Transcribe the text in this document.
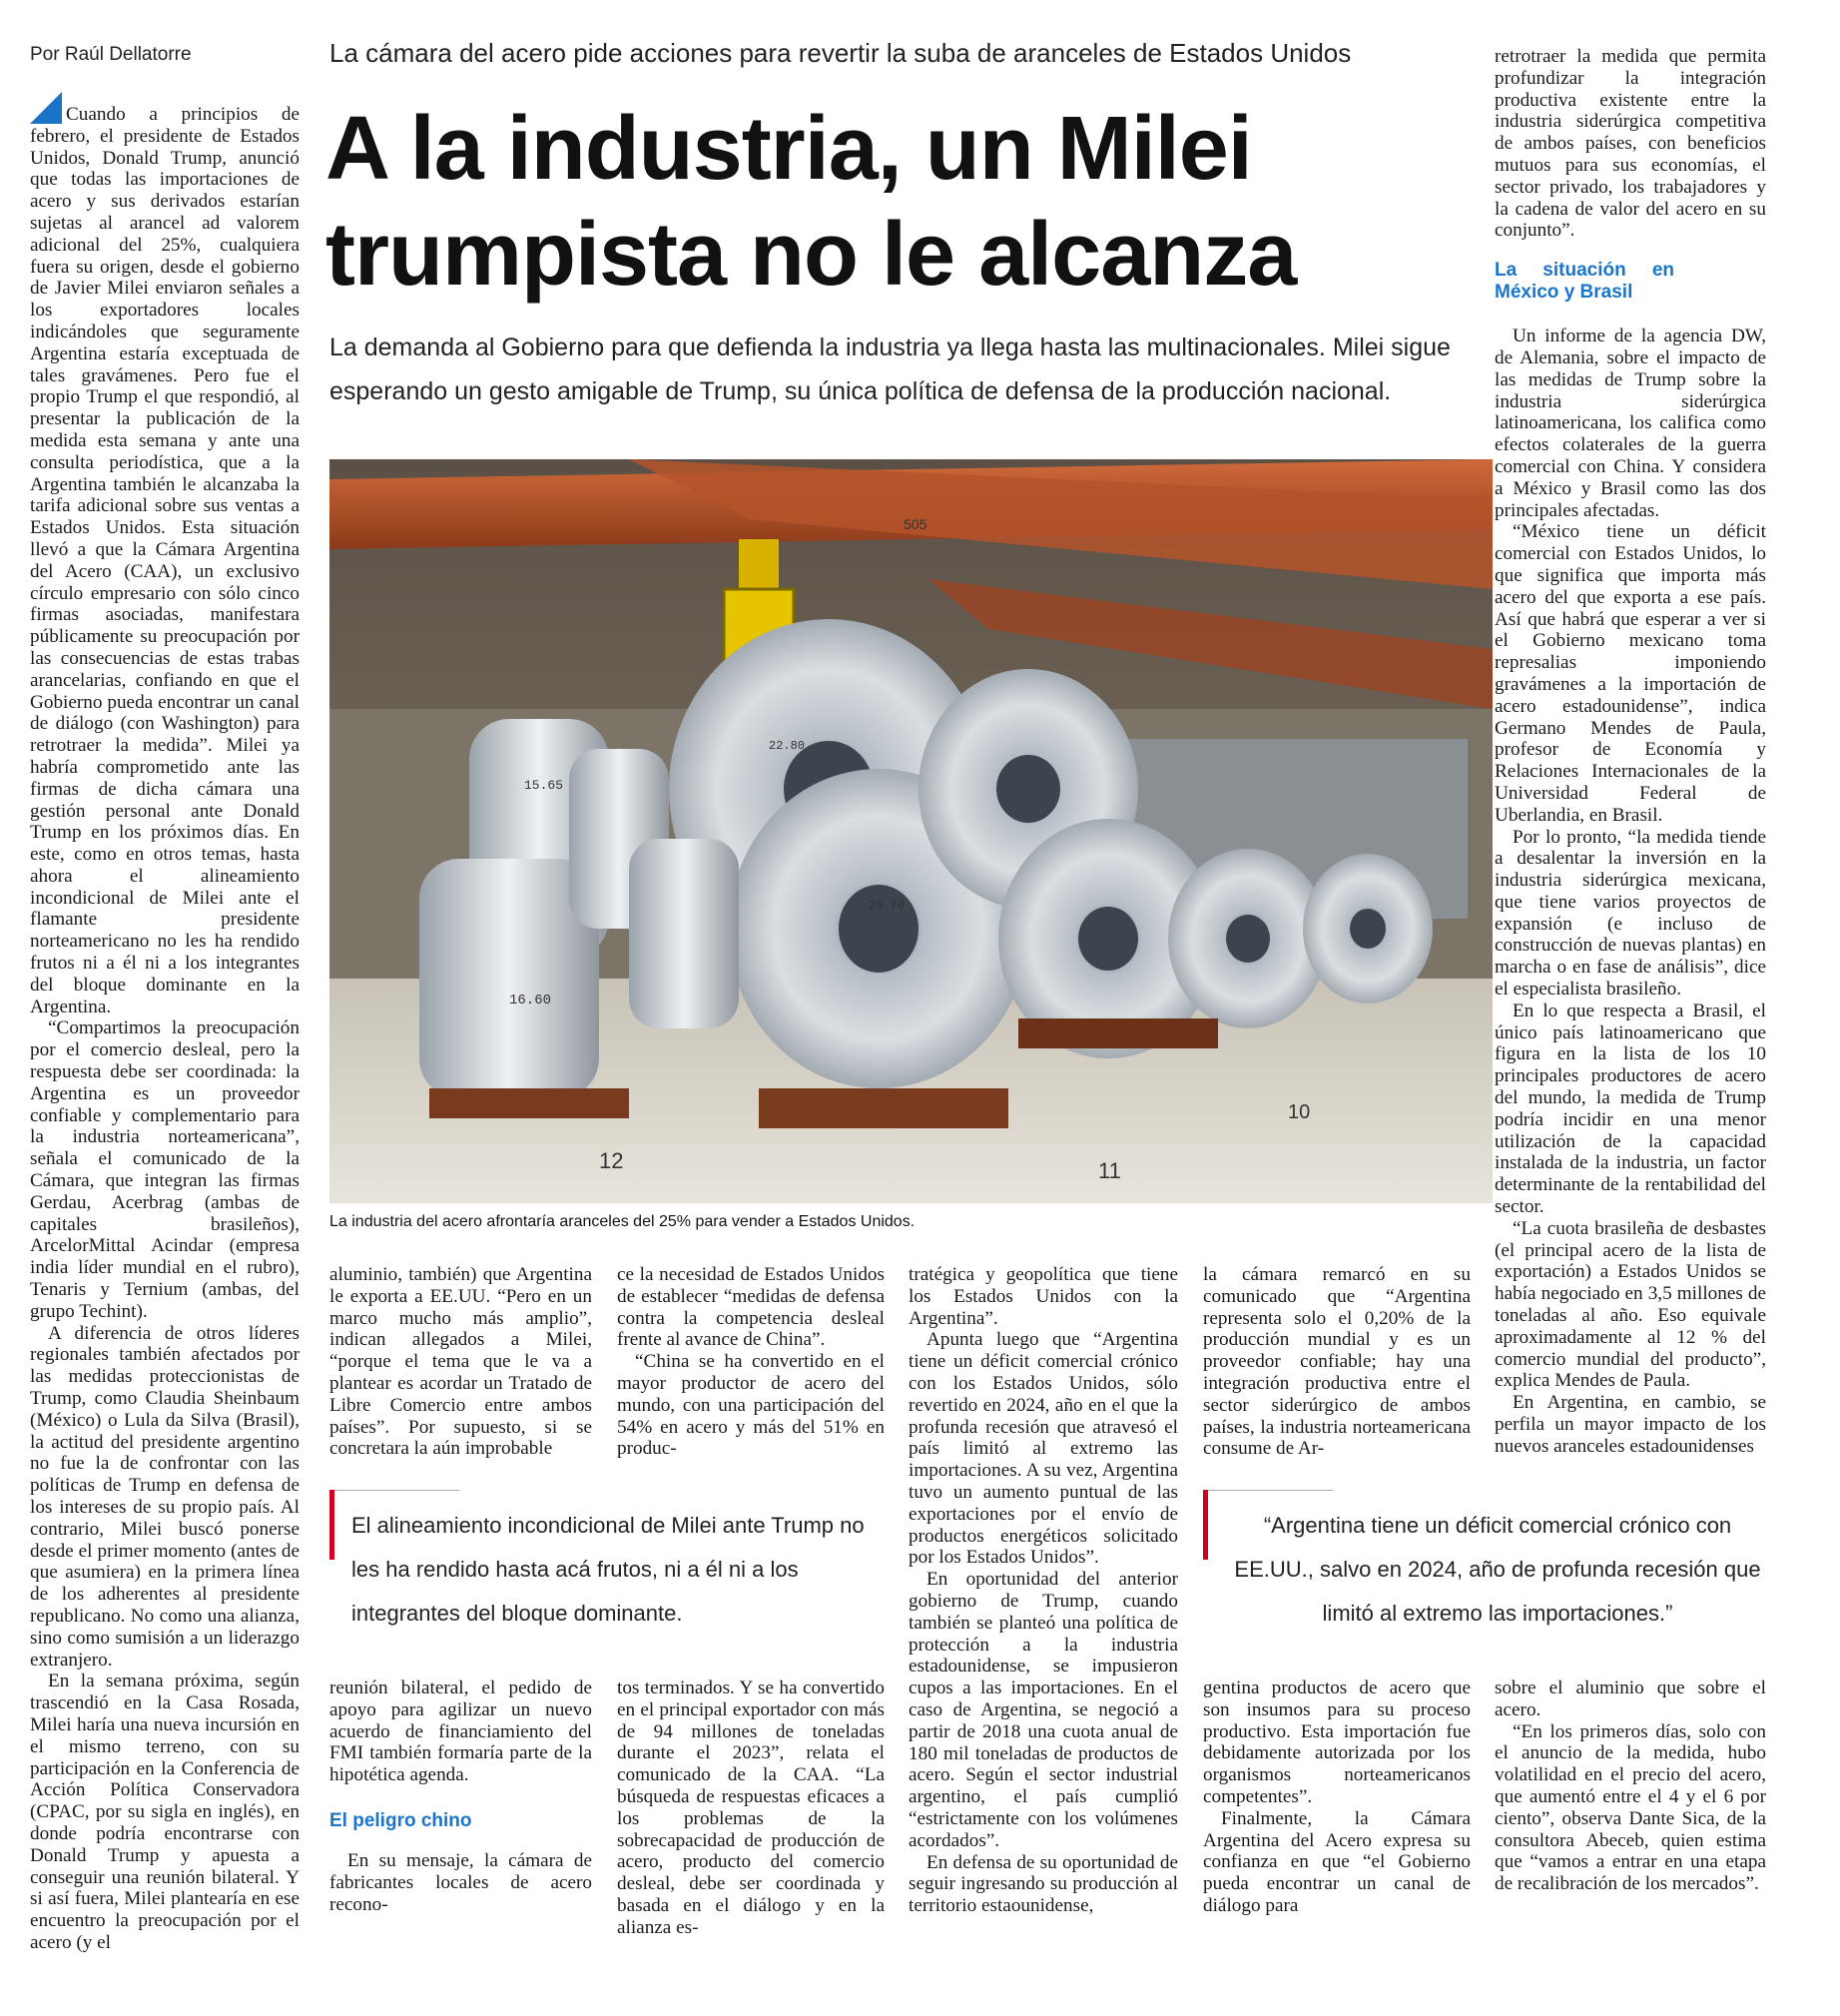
Por Raúl Dellatorre	La cámara del acero pide acciones para revertir la suba de aranceles de Estados Unidos
A la industria, un Milei
trumpista no le alcanza
La demanda al Gobierno para que defienda la industria ya llega hasta las multinacionales. Milei sigue esperando un gesto amigable de Trump, su única política de defensa de la producción nacional.

Cuando a principios de febrero, el presidente de Estados Unidos, Donald Trump, anunció que todas las importaciones de acero y sus derivados estarían sujetas al arancel ad valorem adicional del 25%, cualquiera fuera su origen, desde el gobierno de Javier Milei enviaron señales a los exportadores locales indicándoles que seguramente Argentina estaría exceptuada de tales gravámenes. Pero fue el propio Trump el que respondió, al presentar la publicación de la medida esta semana y ante una consulta periodística, que a la Argentina también le alcanzaba la tarifa adicional sobre sus ventas a Estados Unidos. Esta situación llevó a que la Cámara Argentina del Acero (CAA), un exclusivo círculo empresario con sólo cinco firmas asociadas, manifestara públicamente su preocupación por las consecuencias de estas trabas arancelarias, confiando en que el Gobierno pueda encontrar un canal de diálogo (con Washington) para retrotraer la medida”. Milei ya habría comprometido ante las firmas de dicha cámara una gestión personal ante Donald Trump en los próximos días. En este, como en otros temas, hasta ahora el alineamiento incondicional de Milei ante el flamante presidente norteamericano no les ha rendido frutos ni a él ni a los integrantes del bloque dominante en la Argentina.

“Compartimos la preocupación por el comercio desleal, pero la respuesta debe ser coordinada: la Argentina es un proveedor confiable y complementario para la industria norteamericana”, señala el comunicado de la Cámara, que integran las firmas Gerdau, Acerbrag (ambas de capitales brasileños), ArcelorMittal Acindar (empresa india líder mundial en el rubro), Tenaris y Ternium (ambas, del grupo Techint).

A diferencia de otros líderes regionales también afectados por las medidas proteccionistas de Trump, como Claudia Sheinbaum (México) o Lula da Silva (Brasil), la actitud del presidente argentino no fue la de confrontar con las políticas de Trump en defensa de los intereses de su propio país. Al contrario, Milei buscó ponerse desde el primer momento (antes de que asumiera) en la primera línea de los adherentes al presidente republicano. No como una alianza, sino como sumisión a un liderazgo extranjero.

En la semana próxima, según trascendió en la Casa Rosada, Milei haría una nueva incursión en el mismo terreno, con su participación en la Conferencia de Acción Política Conservadora (CPAC, por su sigla en inglés), en donde podría encontrarse con Donald Trump y apuesta a conseguir una reunión bilateral. Y si así fuera, Milei plantearía en ese encuentro la preocupación por el acero (y el

505
16.60
15.65
26.70
22.80
12	11
10
La industria del acero afrontaría aranceles del 25% para vender a Estados Unidos.

aluminio, también) que Argentina le exporta a EE.UU. “Pero en un marco mucho más amplio”, indican allegados a Milei, “porque el tema que le va a plantear es acordar un Tratado de Libre Comercio entre ambos países”. Por supuesto, si se concretara la aún improbable

reunión bilateral, el pedido de apoyo para agilizar un nuevo acuerdo de financiamiento del FMI también formaría parte de la hipotética agenda.

El peligro chino

En su mensaje, la cámara de fabricantes locales de acero recono-

ce la necesidad de Estados Unidos de establecer “medidas de defensa contra la competencia desleal frente al avance de China”.

“China se ha convertido en el mayor productor de acero del mundo, con una participación del 54% en acero y más del 51% en produc-

tos terminados. Y se ha convertido en el principal exportador con más de 94 millones de toneladas durante el 2023”, relata el comunicado de la CAA. “La búsqueda de respuestas eficaces a los problemas de la sobrecapacidad de producción de acero, producto del comercio desleal, debe ser coordinada y basada en el diálogo y en la alianza es-

tratégica y geopolítica que tiene los Estados Unidos con la Argentina”.

Apunta luego que “Argentina tiene un déficit comercial crónico con los Estados Unidos, sólo revertido en 2024, año en el que la profunda recesión que atravesó el país limitó al extremo las importaciones. A su vez, Argentina tuvo un aumento puntual de las exportaciones por el envío de productos energéticos solicitado por los Estados Unidos”.

En oportunidad del anterior gobierno de Trump, cuando también se planteó una política de protección a la industria estadounidense, se impusieron cupos a las importaciones. En el caso de Argentina, se negoció a partir de 2018 una cuota anual de 180 mil toneladas de productos de acero. Según el sector industrial argentino, el país cumplió “estrictamente con los volúmenes acordados”.

En defensa de su oportunidad de seguir ingresando su producción al territorio estaounidense,

la cámara remarcó en su comunicado que “Argentina representa solo el 0,20% de la producción mundial y es un proveedor confiable; hay una integración productiva entre el sector siderúrgico de ambos países, la industria norteamericana consume de Ar-

gentina productos de acero que son insumos para su proceso productivo. Esta importación fue debidamente autorizada por los organismos norteamericanos competentes”.

Finalmente, la Cámara Argentina del Acero expresa su confianza en que “el Gobierno pueda encontrar un canal de diálogo para

retrotraer la medida que permita profundizar la integración productiva existente entre la industria siderúrgica competitiva de ambos países, con beneficios mutuos para sus economías, el sector privado, los trabajadores y la cadena de valor del acero en su conjunto”.

La situación en México y Brasil

Un informe de la agencia DW, de Alemania, sobre el impacto de las medidas de Trump sobre la industria siderúrgica latinoamericana, los califica como efectos colaterales de la guerra comercial con China. Y considera a México y Brasil como las dos principales afectadas.

“México tiene un déficit comercial con Estados Unidos, lo que significa que importa más acero del que exporta a ese país. Así que habrá que esperar a ver si el Gobierno mexicano toma represalias imponiendo gravámenes a la importación de acero estadounidense”, indica Germano Mendes de Paula, profesor de Economía y Relaciones Internacionales de la Universidad Federal de Uberlandia, en Brasil.

Por lo pronto, “la medida tiende a desalentar la inversión en la industria siderúrgica mexicana, que tiene varios proyectos de expansión (e incluso de construcción de nuevas plantas) en marcha o en fase de análisis”, dice el especialista brasileño.

En lo que respecta a Brasil, el único país latinoamericano que figura en la lista de los 10 principales productores de acero del mundo, la medida de Trump podría incidir en una menor utilización de la capacidad instalada de la industria, un factor determinante de la rentabilidad del sector.

“La cuota brasileña de desbastes (el principal acero de la lista de exportación) a Estados Unidos se había negociado en 3,5 millones de toneladas al año. Eso equivale aproximadamente al 12 % del comercio mundial del producto”, explica Mendes de Paula.

En Argentina, en cambio, se perfila un mayor impacto de los nuevos aranceles estadounidenses

sobre el aluminio que sobre el acero.

“En los primeros días, solo con el anuncio de la medida, hubo volatilidad en el precio del acero, que aumentó entre el 4 y el 6 por ciento”, observa Dante Sica, de la consultora Abeceb, quien estima que “vamos a entrar en una etapa de recalibración de los mercados”.

El alineamiento incondicional de Milei ante Trump no les ha rendido hasta acá frutos, ni a él ni a los integrantes del bloque dominante.
“Argentina tiene un déficit comercial crónico con EE.UU., salvo en 2024, año de profunda recesión que limitó al extremo las importaciones.”
